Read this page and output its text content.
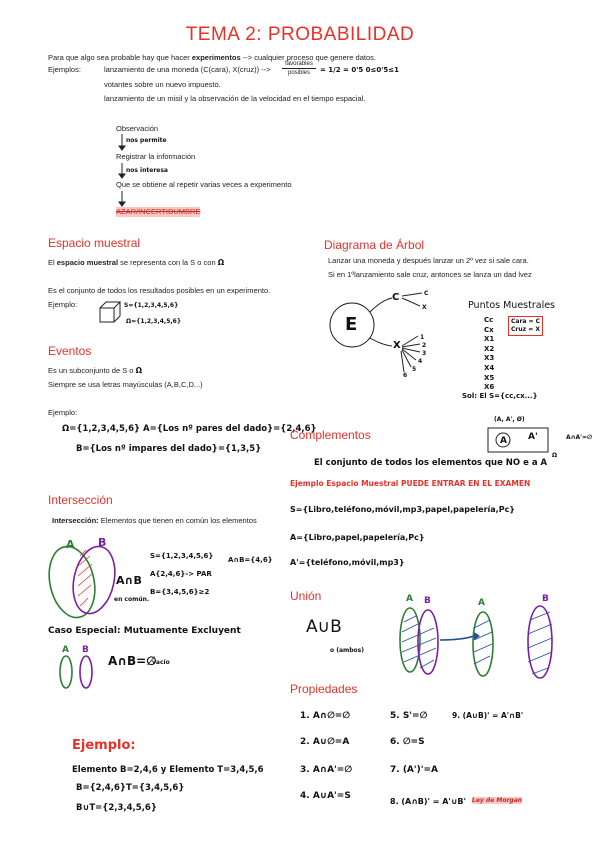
TEMA 2: PROBABILIDAD
Para que algo sea probable hay que hacer experimentos --> cualquier proceso que genere datos.
Ejemplos:	lanzamiento de una moneda (C(cara), X(cruz)) -->
favorables
posibles	= 1/2 = 0'5 0≤0'5≤1
votantes sobre un nuevo impuesto.
lanzamiento de un misil y la observación de la velocidad en el tiempo espacial.
Observación
nos permite
Registrar la información
nos interesa
Que se obtiene al repetir varias veces a experimento
AZAR/INCERTIDUMBRE
Espacio muestral
El espacio muestral se representa con la S o con Ω
Es el conjunto de todos los resultados posibles en un experimento.
Ejemplo:	S={1,2,3,4,5,6}
Ω={1,2,3,4,5,6}
Eventos
Es un subconjunto de S o Ω
Siempre se usa letras mayúsculas (A,B,C,D...)
Ejemplo:
Ω={1,2,3,4,5,6} A={Los nº pares del dado}={2,4,6}
B={Los nº impares del dado}={1,3,5}
Intersección
Intersección: Elementos que tienen en común los elementos
A B
A∩B
en común.
S={1,2,3,4,5,6}
A{2,4,6}-> PAR
B={3,4,5,6}≥2
A∩B={4,6}
Caso Especial: Mutuamente Excluyent
A B
A∩B=∅
vacío
Ejemplo:
Elemento B=2,4,6 y Elemento T=3,4,5,6
B={2,4,6} T={3,4,5,6}
B∪T={2,3,4,5,6}
Diagrama de Árbol
Lanzar una moneda y después lanzar un 2º vez si sale cara.
Si en 1ºlanzamiento sale cruz, antonces se lanza un dad lvez
E
C
X
C
X
1
2
3
4
5
6
Puntos Muestrales
Cc
Cx
X1
X2
X3
X4
X5
X6
Cara = C
Cruz = X
Sol: El S={cc,cx...}
Complementos
(A, A', Ø)
A A'
Ω
A∩A'=∅
El conjunto de todos los elementos que NO e a A
Ejemplo Espacio Muestral PUEDE ENTRAR EN EL EXAMEN
S={Libro,teléfono,móvil,mp3,papel,papelería,Pc}
A={Libro,papel,papelería,Pc}
A'={teléfono,móvil,mp3}
Unión
A∪B
o (ambos)
A B	A	B
Propiedades
1. A∩∅=∅
2. A∪∅=A
3. A∩A'=∅
4. A∪A'=S
5. S'=∅
6. ∅=S
7. (A')'=A
8. (A∩B)' = A'∪B' Ley de Morgan
9. (A∪B)' = A'∩B'
